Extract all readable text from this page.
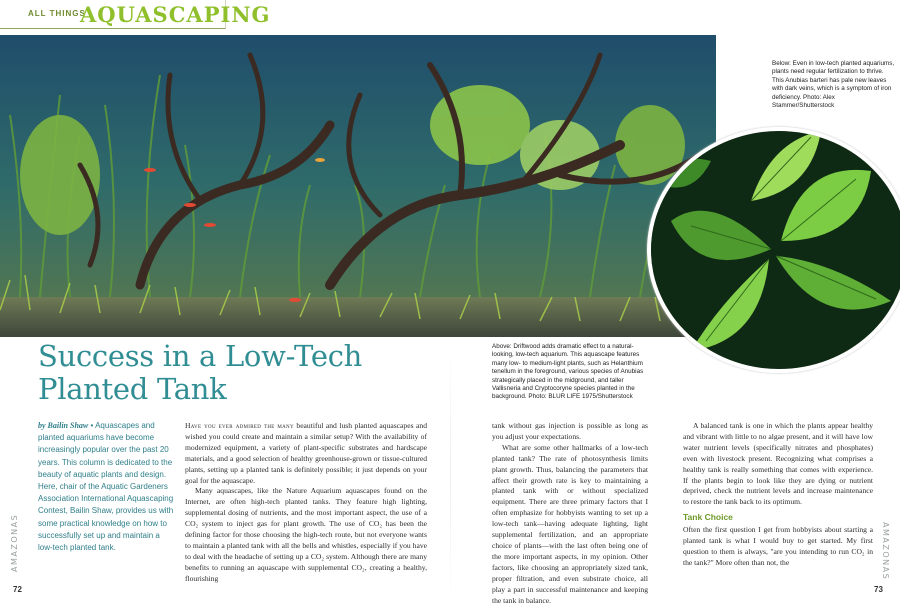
ALL THINGS
AQUASCAPING
Below: Even in low-tech planted aquariums, plants need regular fertilization to thrive. This Anubias barteri has pale new leaves with dark veins, which is a symptom of iron deficiency. Photo: Alex Stammer/Shutterstock
Above: Driftwood adds dramatic effect to a natural-looking, low-tech aquarium. This aquascape features many low- to medium-light plants, such as Helanthium tenellum in the foreground, various species of Anubias strategically placed in the midground, and taller Vallisneria and Cryptocoryne species planted in the background. Photo: BLUR LIFE 1975/Shutterstock
Success in a Low-Tech Planted Tank
by Bailin Shaw • Aquascapes and planted aquariums have become increasingly popular over the past 20 years. This column is dedicated to the beauty of aquatic plants and design. Here, chair of the Aquatic Gardeners Association International Aquascaping Contest, Bailin Shaw, provides us with some practical knowledge on how to successfully set up and maintain a low-tech planted tank.

Have you ever admired the many beautiful and lush planted aquascapes and wished you could create and maintain a similar setup? With the availability of modernized equipment, a variety of plant-specific substrates and hardscape materials, and a good selection of healthy greenhouse-grown or tissue-cultured plants, setting up a planted tank is definitely possible; it just depends on your goal for the aquascape.

Many aquascapes, like the Nature Aquarium aquascapes found on the Internet, are often high-tech planted tanks. They feature high lighting, supplemental dosing of nutrients, and the most important aspect, the use of a CO₂ system to inject gas for plant growth. The use of CO₂ has been the defining factor for those choosing the high-tech route, but not everyone wants to maintain a planted tank with all the bells and whistles, especially if you have to deal with the headache of setting up a CO₂ system. Although there are many benefits to running an aquascape with supplemental CO₂, creating a healthy, flourishing

tank without gas injection is possible as long as you adjust your expectations.

What are some other hallmarks of a low-tech planted tank? The rate of photosynthesis limits plant growth. Thus, balancing the parameters that affect their growth rate is key to maintaining a planted tank with or without specialized equipment. There are three primary factors that I often emphasize for hobbyists wanting to set up a low-tech tank—having adequate lighting, light supplemental fertilization, and an appropriate choice of plants—with the last often being one of the more important aspects, in my opinion. Other factors, like choosing an appropriately sized tank, proper filtration, and even substrate choice, all play a part in successful maintenance and keeping the tank in balance.

A balanced tank is one in which the plants appear healthy and vibrant with little to no algae present, and it will have low water nutrient levels (specifically nitrates and phosphates) even with livestock present. Recognizing what comprises a healthy tank is really something that comes with experience. If the plants begin to look like they are dying or nutrient deprived, check the nutrient levels and increase maintenance to restore the tank back to its optimum.

Tank Choice

Often the first question I get from hobbyists about starting a planted tank is what I would buy to get started. My first question to them is always, "are you intending to run CO₂ in the tank?" More often than not, the

AMAZONAS	AMAZONAS
72	73
